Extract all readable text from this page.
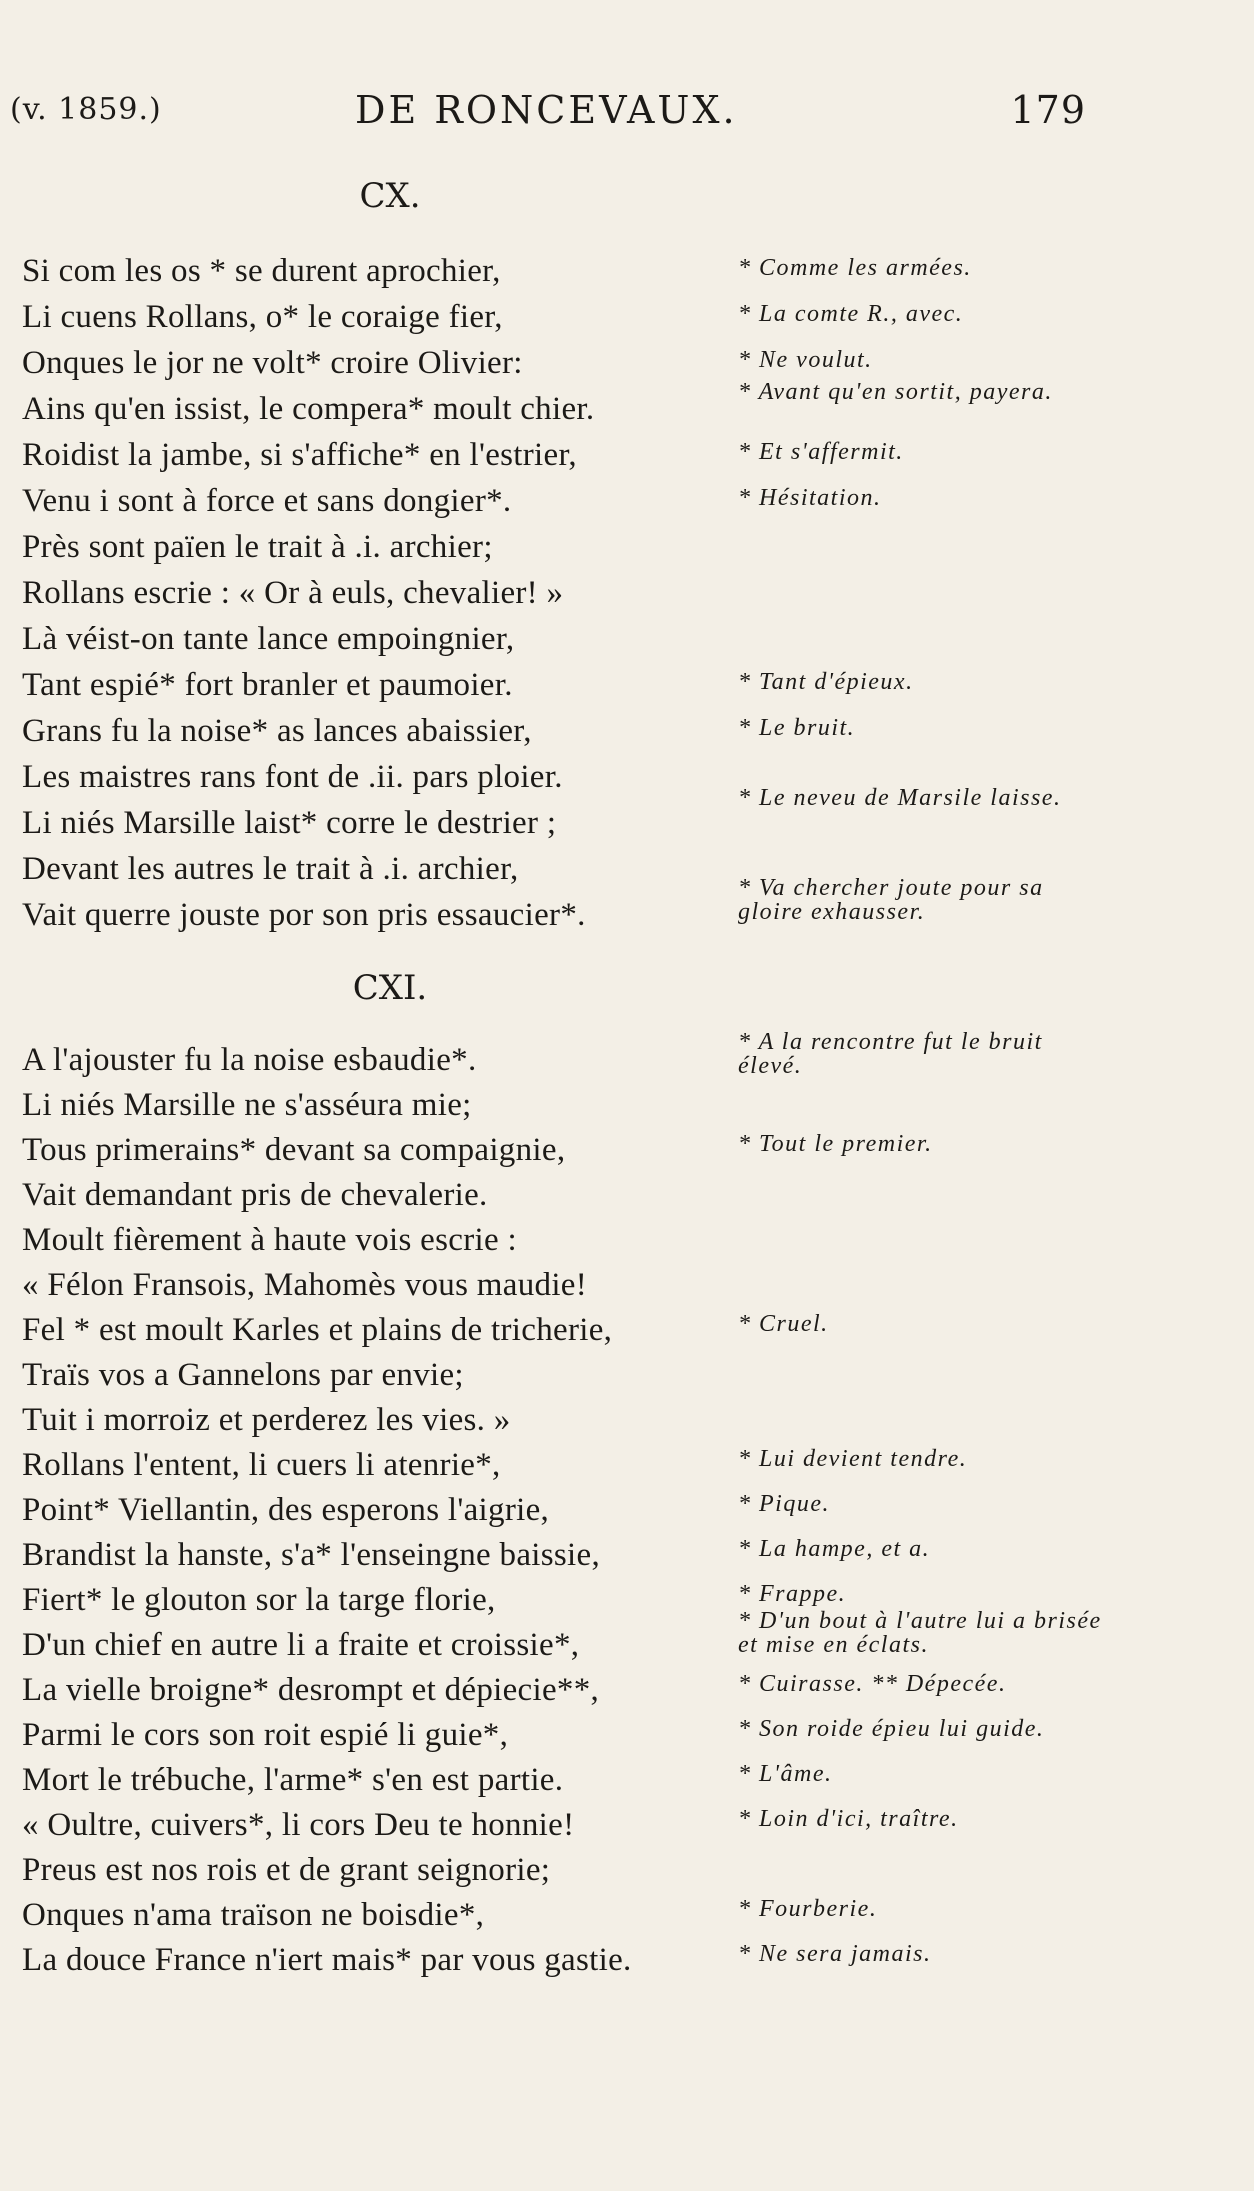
(v. 1859.)	DE RONCEVAUX.	179
CX.
Si com les os * se durent aprochier,
Li cuens Rollans, o* le coraige fier,
Onques le jor ne volt* croire Olivier:
Ains qu'en issist, le compera* moult chier.
Roidist la jambe, si s'affiche* en l'estrier,
Venu i sont à force et sans dongier*.
Près sont païen le trait à .i. archier;
Rollans escrie : « Or à euls, chevalier! »
Là véist-on tante lance empoingnier,
Tant espié* fort branler et paumoier.
Grans fu la noise* as lances abaissier,
Les maistres rans font de .ii. pars ploier.
Li niés Marsille laist* corre le destrier ;
Devant les autres le trait à .i. archier,
Vait querre jouste por son pris essaucier*.
* Comme les armées.
* La comte R., avec.
* Ne voulut.
* Avant qu'en sortit, payera.
* Et s'affermit.
* Hésitation.
* Tant d'épieux.
* Le bruit.
* Le neveu de Marsile laisse.
* Va chercher joute pour sa gloire exhausser.
CXI.
A l'ajouster fu la noise esbaudie*.
Li niés Marsille ne s'asséura mie;
Tous primerains* devant sa compaignie,
Vait demandant pris de chevalerie.
Moult fièrement à haute vois escrie :
« Félon Fransois, Mahomès vous maudie!
Fel * est moult Karles et plains de tricherie,
Traïs vos a Gannelons par envie;
Tuit i morroiz et perderez les vies. »
Rollans l'entent, li cuers li atenrie*,
Point* Viellantin, des esperons l'aigrie,
Brandist la hanste, s'a* l'enseingne baissie,
Fiert* le glouton sor la targe florie,
D'un chief en autre li a fraite et croissie*,
La vielle broigne* desrompt et dépiecie**,
Parmi le cors son roit espié li guie*,
Mort le trébuche, l'arme* s'en est partie.
« Oultre, cuivers*, li cors Deu te honnie!
Preus est nos rois et de grant seignorie;
Onques n'ama traïson ne boisdie*,
La douce France n'iert mais* par vous gastie.
* A la rencontre fut le bruit élevé.
* Tout le premier.
* Cruel.
* Lui devient tendre.
* Pique.
* La hampe, et a.
* Frappe.
* D'un bout à l'autre lui a brisée et mise en éclats.
* Cuirasse. ** Dépecée.
* Son roide épieu lui guide.
* L'âme.
* Loin d'ici, traître.
* Fourberie.
* Ne sera jamais.
